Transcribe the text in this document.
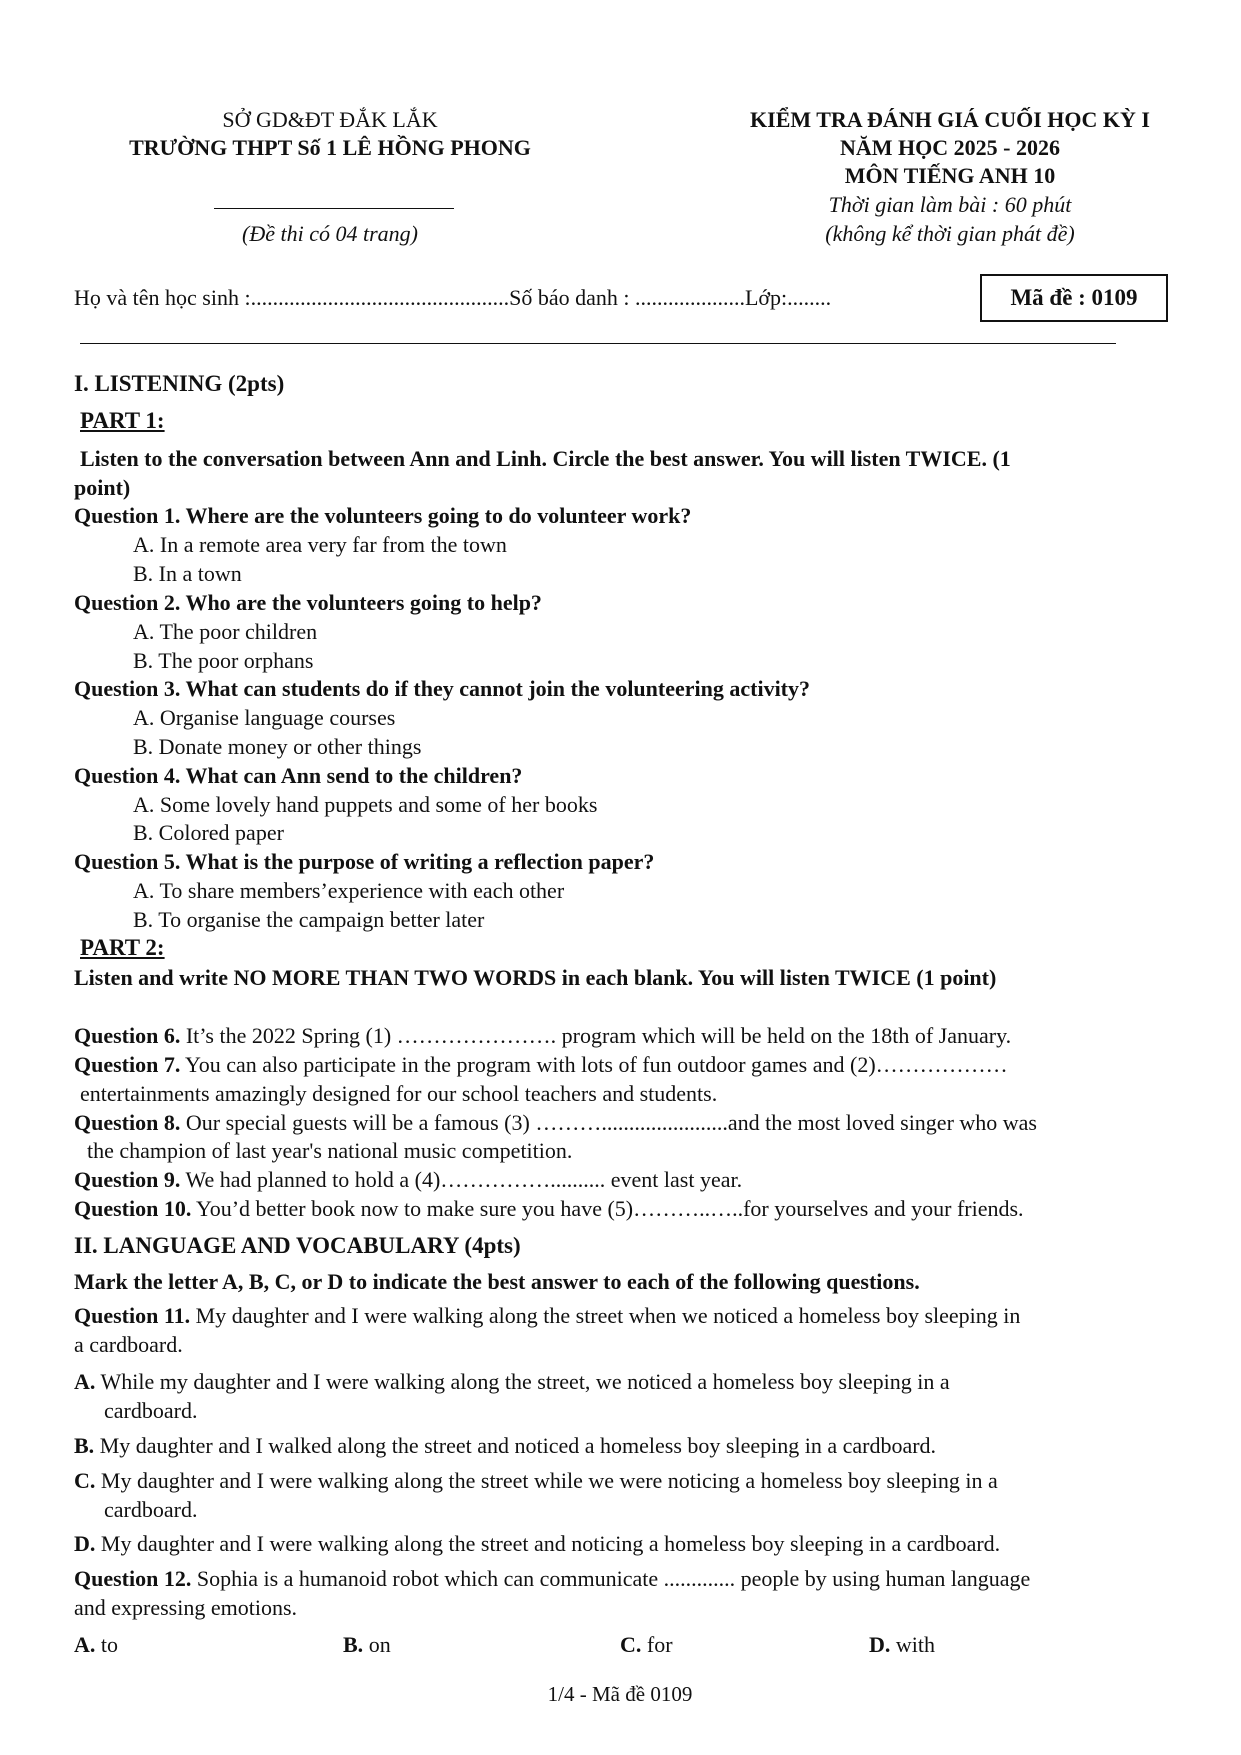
SỞ GD&ĐT ĐẮK LẮK
TRƯỜNG THPT Số 1 LÊ HỒNG PHONG
(Đề thi có 04 trang)
KIỂM TRA ĐÁNH GIÁ CUỐI HỌC KỲ I
NĂM HỌC 2025 - 2026
MÔN TIẾNG ANH 10
Thời gian làm bài : 60 phút
(không kể thời gian phát đề)
Họ và tên học sinh :...............................................Số báo danh : ....................Lớp:........	Mã đề : 0109
I. LISTENING (2pts)
PART 1:
Listen to the conversation between Ann and Linh. Circle the best answer. You will listen TWICE. (1
point)
Question 1. Where are the volunteers going to do volunteer work?
A. In a remote area very far from the town
B. In a town
Question 2. Who are the volunteers going to help?
A. The poor children
B. The poor orphans
Question 3. What can students do if they cannot join the volunteering activity?
A. Organise language courses
B. Donate money or other things
Question 4. What can Ann send to the children?
A. Some lovely hand puppets and some of her books
B. Colored paper
Question 5. What is the purpose of writing a reflection paper?
A. To share members’experience with each other
B. To organise the campaign better later
PART 2:
Listen and write NO MORE THAN TWO WORDS in each blank. You will listen TWICE (1 point)
Question 6. It’s the 2022 Spring (1) …………………. program which will be held on the 18th of January.
Question 7. You can also participate in the program with lots of fun outdoor games and (2)………………
entertainments amazingly designed for our school teachers and students.
Question 8. Our special guests will be a famous (3) ……….......................and the most loved singer who was
the champion of last year's national music competition.
Question 9. We had planned to hold a (4)…………….......... event last year.
Question 10. You’d better book now to make sure you have (5)………..…..for yourselves and your friends.
II. LANGUAGE AND VOCABULARY (4pts)
Mark the letter A, B, C, or D to indicate the best answer to each of the following questions.
Question 11. My daughter and I were walking along the street when we noticed a homeless boy sleeping in
a cardboard.
A. While my daughter and I were walking along the street, we noticed a homeless boy sleeping in a
cardboard.
B. My daughter and I walked along the street and noticed a homeless boy sleeping in a cardboard.
C. My daughter and I were walking along the street while we were noticing a homeless boy sleeping in a
cardboard.
D. My daughter and I were walking along the street and noticing a homeless boy sleeping in a cardboard.
Question 12. Sophia is a humanoid robot which can communicate ............. people by using human language
and expressing emotions.
A. to	B. on	C. for	D. with
1/4 - Mã đề 0109
